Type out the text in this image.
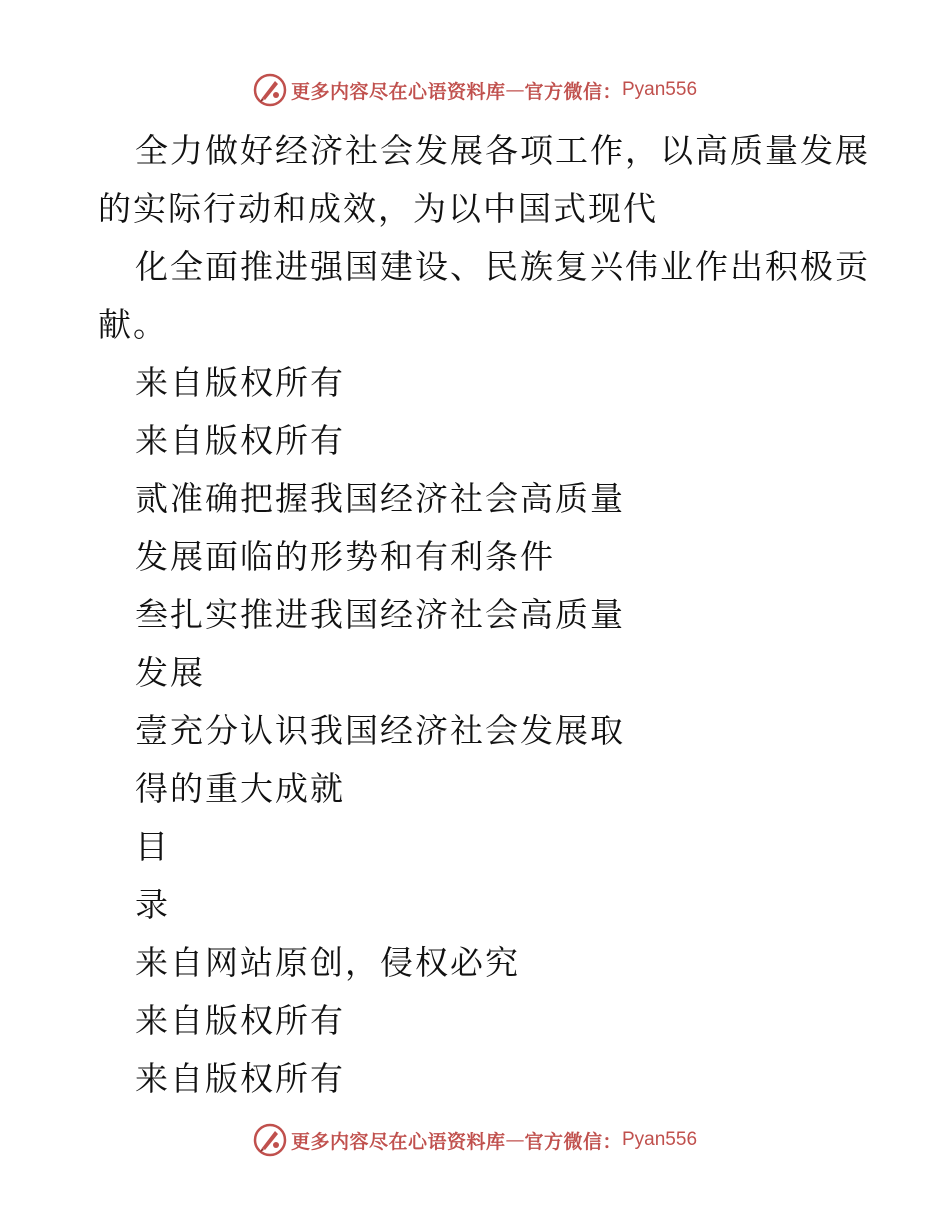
更多内容尽在心语资料库 — 官方微信： Pyan556
全力做好经济社会发展各项工作，以高质量发展
的实际行动和成效，为以中国式现代
化全面推进强国建设、民族复兴伟业作出积极贡
献。
来自版权所有
来自版权所有
贰准确把握我国经济社会高质量
发展面临的形势和有利条件
叁扎实推进我国经济社会高质量
发展
壹充分认识我国经济社会发展取
得的重大成就
目
录
来自网站原创，侵权必究
来自版权所有
来自版权所有
更多内容尽在心语资料库 — 官方微信： Pyan556
